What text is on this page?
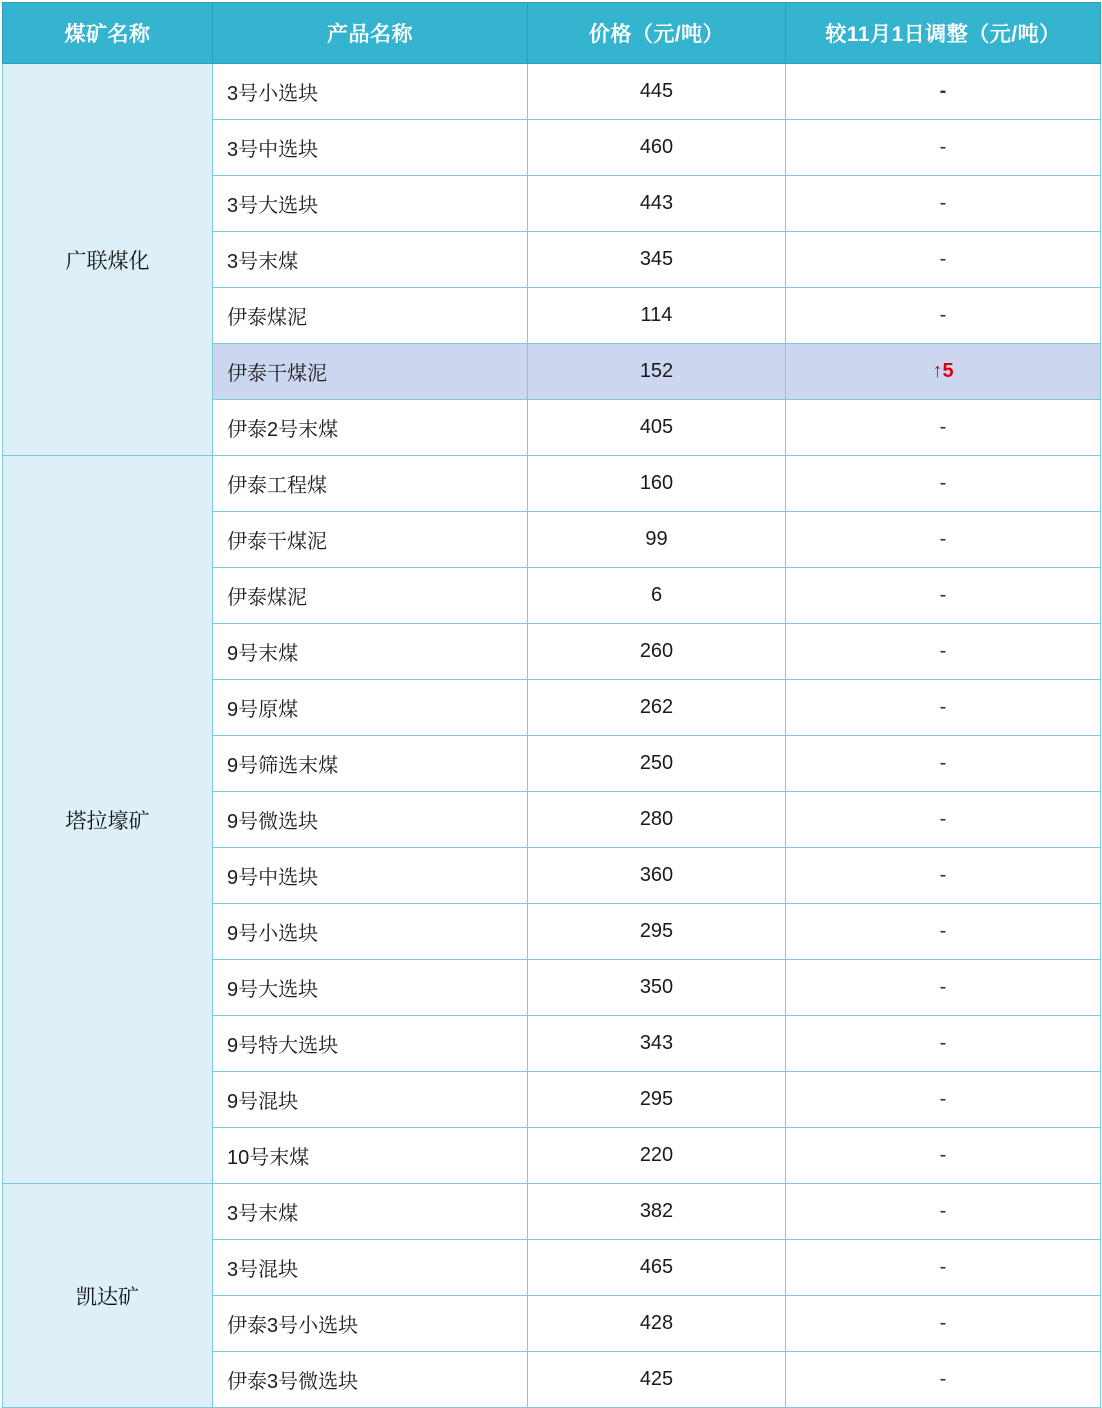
煤矿名称	产品名称	价格（元/吨）	较11月1日调整（元/吨）
广联煤化	3号小选块	445	-
	3号中选块	460	-
	3号大选块	443	-
	3号末煤	345	-
	伊泰煤泥	114	-
	伊泰干煤泥	152	↑5
	伊泰2号末煤	405	-
塔拉壕矿	伊泰工程煤	160	-
	伊泰干煤泥	99	-
	伊泰煤泥	6	-
	9号末煤	260	-
	9号原煤	262	-
	9号筛选末煤	250	-
	9号微选块	280	-
	9号中选块	360	-
	9号小选块	295	-
	9号大选块	350	-
	9号特大选块	343	-
	9号混块	295	-
	10号末煤	220	-
凯达矿	3号末煤	382	-
	3号混块	465	-
	伊泰3号小选块	428	-
	伊泰3号微选块	425	-
